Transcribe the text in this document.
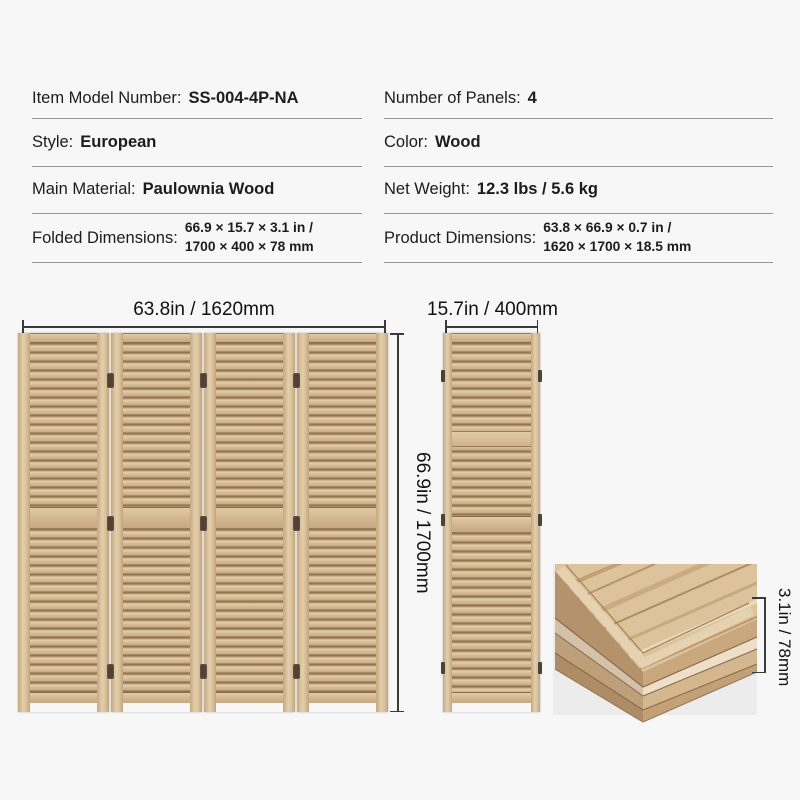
Item Model Number: SS-004-4P-NA
Style: European
Main Material: Paulownia Wood
Folded Dimensions:
66.9 × 15.7 × 3.1 in /
1700 × 400 × 78 mm
Number of Panels: 4
Color: Wood
Net Weight: 12.3 lbs / 5.6 kg
Product Dimensions:
63.8 × 66.9 × 0.7 in /
1620 × 1700 × 18.5 mm
63.8in / 1620mm	15.7in / 400mm
66.9in / 1700mm
3.1in / 78mm
